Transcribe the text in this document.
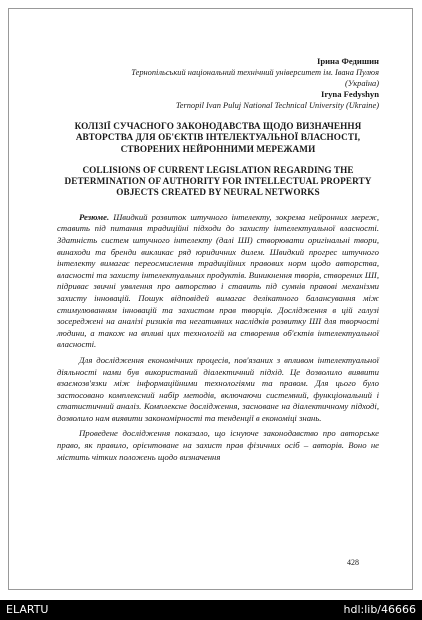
Ірина Федишин
Тернопільський національний технічний університет ім. Івана Пулюя
(Україна)
Iryna Fedyshyn
Ternopil Ivan Puluj National Technical University (Ukraine)
КОЛІЗІЇ СУЧАСНОГО ЗАКОНОДАВСТВА ЩОДО ВИЗНАЧЕННЯ АВТОРСТВА ДЛЯ ОБ'ЄКТІВ ІНТЕЛЕКТУАЛЬНОЇ ВЛАСНОСТІ, СТВОРЕНИХ НЕЙРОННИМИ МЕРЕЖАМИ
COLLISIONS OF CURRENT LEGISLATION REGARDING THE DETERMINATION OF AUTHORITY FOR INTELLECTUAL PROPERTY OBJECTS CREATED BY NEURAL NETWORKS

Резюме. Швидкий розвиток штучного інтелекту, зокрема нейронних мереж, ставить під питання традиційні підходи до захисту інтелектуальної власності. Здатність систем штучного інтелекту (далі ШІ) створювати оригінальні твори, винаходи та бренди викликає ряд юридичних дилем. Швидкий прогрес штучного інтелекту вимагає переосмислення традиційних правових норм щодо авторства, власності та захисту інтелектуальних продуктів. Виникнення творів, створених ШІ, підриває звичні уявлення про авторство і ставить під сумнів правові механізми захисту інновацій. Пошук відповідей вимагає делікатного балансування між стимулюванням інновацій та захистом прав творців. Дослідження в цій галузі зосереджені на аналізі ризиків та негативних наслідків розвитку ШІ для творчості людини, а також на впливі цих технологій на створення об'єктів інтелектуальної власності.

Для дослідження економічних процесів, пов'язаних з впливом інтелектуальної діяльності нами був використаний діалектичний підхід. Це дозволило виявити взаємозв'язки між інформаційними технологіями та правом. Для цього було застосовано комплексний набір методів, включаючи системний, функціональний і статистичний аналіз. Комплексне дослідження, засноване на діалектичному підході, дозволило нам виявити закономірності та тенденції в економіці знань.

Проведене дослідження показало, що існуюче законодавство про авторське право, як правило, орієнтоване на захист прав фізичних осіб – авторів. Воно не містить чітких положень щодо визначення

428
ELARTU	hdl:lib/46666
